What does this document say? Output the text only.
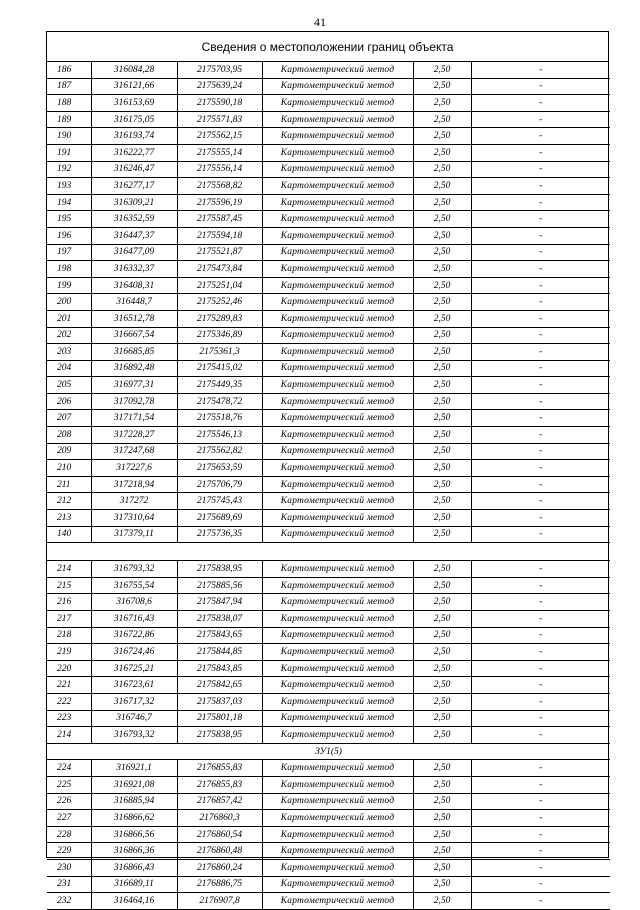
41
Сведения о местоположении границ объекта
186	316084,28	2175703,95	Картометрический метод	2,50	-
187	316121,66	2175639,24	Картометрический метод	2,50	-
188	316153,69	2175590,18	Картометрический метод	2,50	-
189	316175,05	2175571,83	Картометрический метод	2,50	-
190	316193,74	2175562,15	Картометрический метод	2,50	-
191	316222,77	2175555,14	Картометрический метод	2,50	-
192	316246,47	2175556,14	Картометрический метод	2,50	-
193	316277,17	2175568,82	Картометрический метод	2,50	-
194	316309,21	2175596,19	Картометрический метод	2,50	-
195	316352,59	2175587,45	Картометрический метод	2,50	-
196	316447,37	2175594,18	Картометрический метод	2,50	-
197	316477,09	2175521,87	Картометрический метод	2,50	-
198	316332,37	2175473,84	Картометрический метод	2,50	-
199	316408,31	2175251,04	Картометрический метод	2,50	-
200	316448,7	2175252,46	Картометрический метод	2,50	-
201	316512,78	2175289,83	Картометрический метод	2,50	-
202	316667,54	2175346,89	Картометрический метод	2,50	-
203	316685,85	2175361,3	Картометрический метод	2,50	-
204	316892,48	2175415,02	Картометрический метод	2,50	-
205	316977,31	2175449,35	Картометрический метод	2,50	-
206	317092,78	2175478,72	Картометрический метод	2,50	-
207	317171,54	2175518,76	Картометрический метод	2,50	-
208	317228,27	2175546,13	Картометрический метод	2,50	-
209	317247,68	2175562,82	Картометрический метод	2,50	-
210	317227,6	2175653,59	Картометрический метод	2,50	-
211	317218,94	2175706,79	Картометрический метод	2,50	-
212	317272	2175745,43	Картометрический метод	2,50	-
213	317310,64	2175689,69	Картометрический метод	2,50	-
140	317379,11	2175736,35	Картометрический метод	2,50	-

214	316793,32	2175838,95	Картометрический метод	2,50	-
215	316755,54	2175885,56	Картометрический метод	2,50	-
216	316708,6	2175847,94	Картометрический метод	2,50	-
217	316716,43	2175838,07	Картометрический метод	2,50	-
218	316722,86	2175843,65	Картометрический метод	2,50	-
219	316724,46	2175844,85	Картометрический метод	2,50	-
220	316725,21	2175843,85	Картометрический метод	2,50	-
221	316723,61	2175842,65	Картометрический метод	2,50	-
222	316717,32	2175837,03	Картометрический метод	2,50	-
223	316746,7	2175801,18	Картометрический метод	2,50	-
214	316793,32	2175838,95	Картометрический метод	2,50	-
ЗУ1(5)					
224	316921,1	2176855,83	Картометрический метод	2,50	-
225	316921,08	2176855,83	Картометрический метод	2,50	-
226	316885,94	2176857,42	Картометрический метод	2,50	-
227	316866,62	2176860,3	Картометрический метод	2,50	-
228	316866,56	2176860,54	Картометрический метод	2,50	-
229	316866,36	2176860,48	Картометрический метод	2,50	-
230	316866,43	2176860,24	Картометрический метод	2,50	-
231	316689,11	2176886,75	Картометрический метод	2,50	-
232	316464,16	2176907,8	Картометрический метод	2,50	-
